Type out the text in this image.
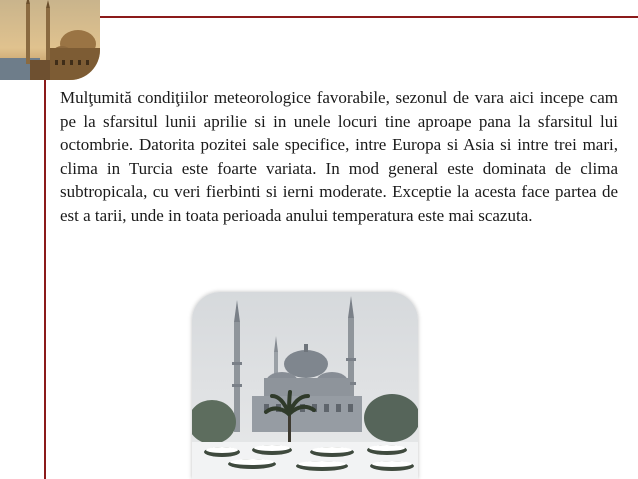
Mulţumită condiţiilor meteorologice favorabile, sezonul de vara aici incepe cam pe la sfarsitul lunii aprilie si in unele locuri tine aproape pana la sfarsitul lui octombrie. Datorita pozitei sale specifice, intre Europa si Asia si intre trei mari, clima in Turcia este foarte variata. In mod general este dominata de clima subtropicala, cu veri fierbinti si ierni moderate. Exceptie la acesta face partea de est a tarii, unde in toata perioada anului temperatura este mai scazuta.
